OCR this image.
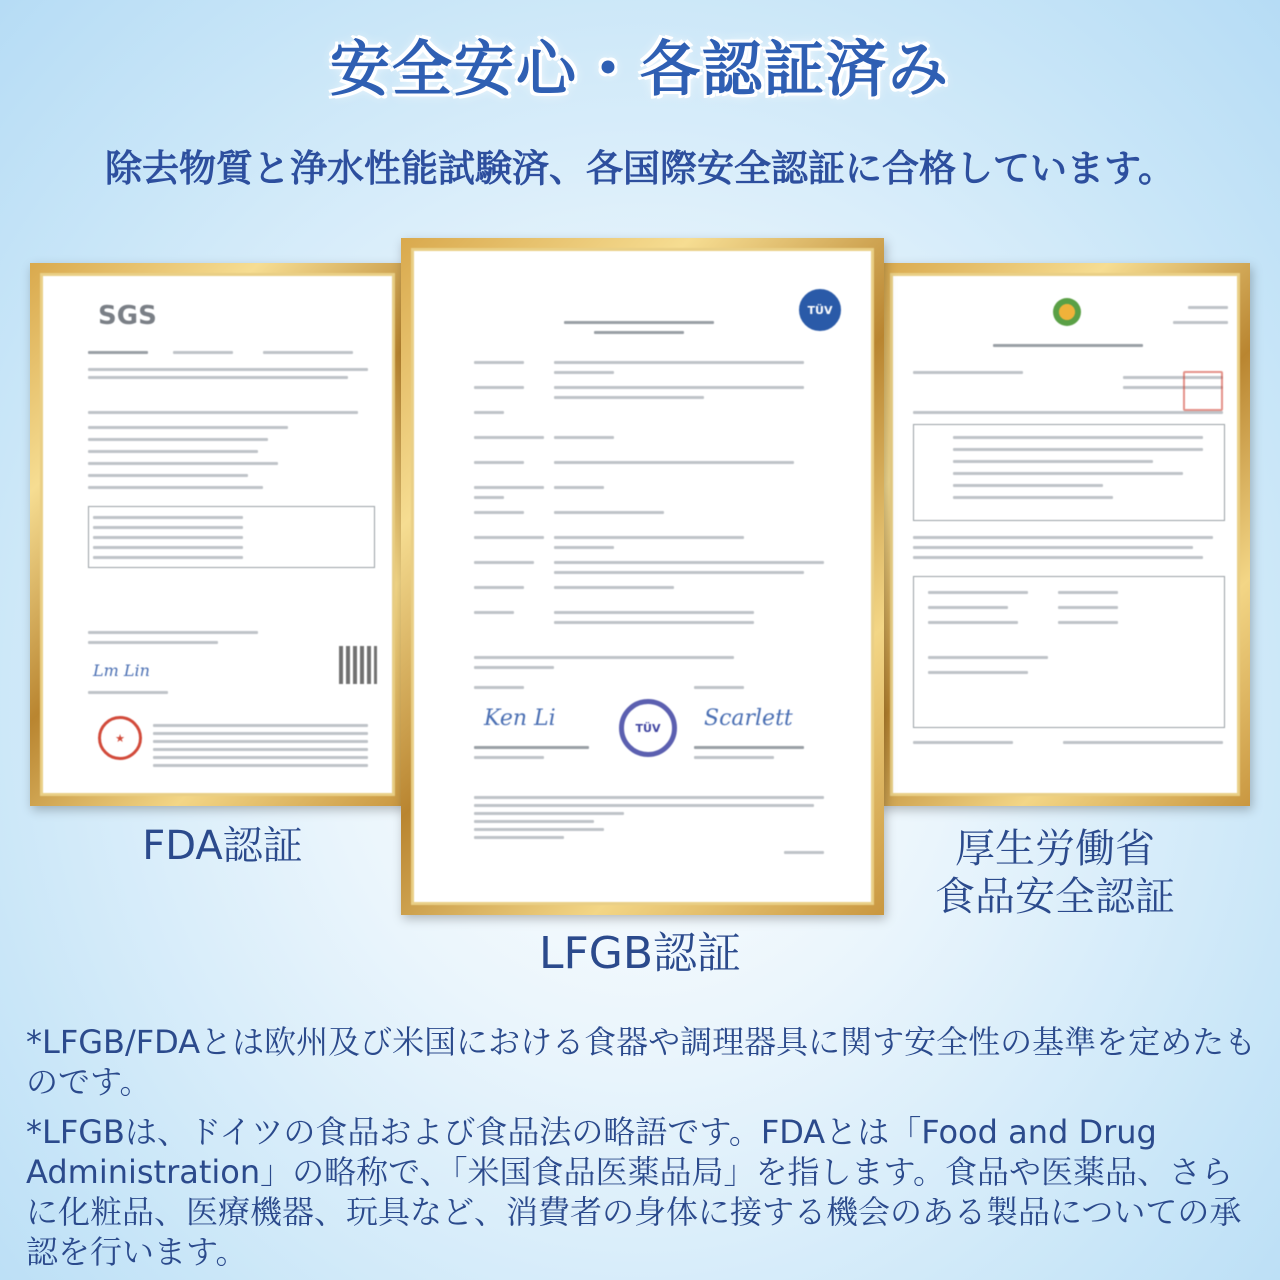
安全安心・各認証済み
除去物質と浄水性能試験済、各国際安全認証に合格しています。
SGS
Lm Lin
★
TÜV
Ken Li	TÜV	Scarlett
FDA認証
LFGB認証
厚生労働省
食品安全認証
*LFGB/FDAとは欧州及び米国における食器や調理器具に関す安全性の基準を定めたものです。
*LFGBは、ドイツの食品および食品法の略語です。FDAとは「Food and Drug Administration」の略称で、「米国食品医薬品局」を指します。食品や医薬品、さらに化粧品、医療機器、玩具など、消費者の身体に接する機会のある製品についての承認を行います。
